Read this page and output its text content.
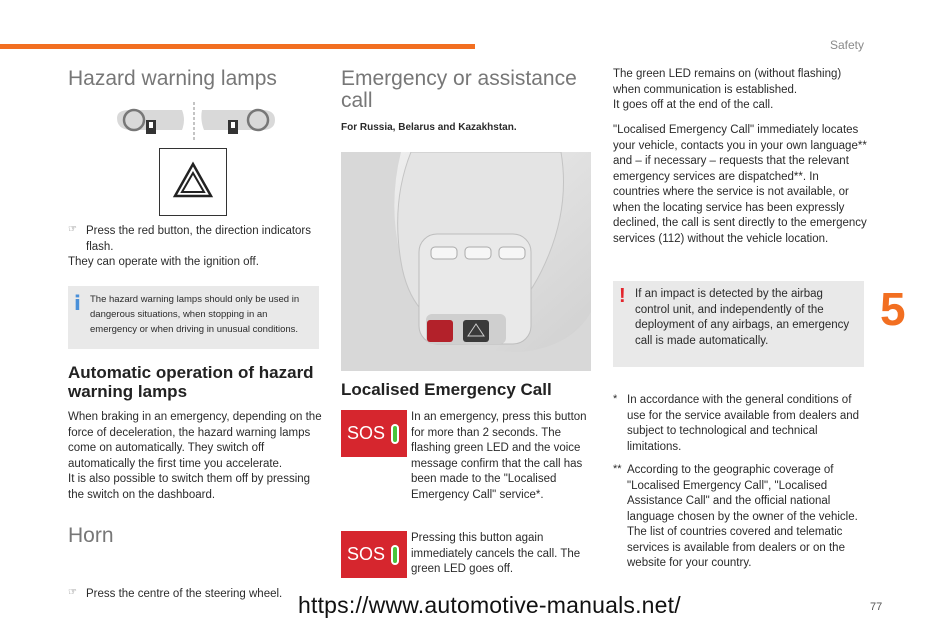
Safety
Hazard warning lamps
☞ Press the red button, the direction indicators flash.

They can operate with the ignition off.

i The hazard warning lamps should only be used in dangerous situations, when stopping in an emergency or when driving in unusual conditions.

Automatic operation of hazard warning lamps

When braking in an emergency, depending on the force of deceleration, the hazard warning lamps come on automatically. They switch off automatically the first time you accelerate.

It is also possible to switch them off by pressing the switch on the dashboard.

Horn
☞ Press the centre of the steering wheel.

Emergency or assistance call

For Russia, Belarus and Kazakhstan.

Localised Emergency Call
SOS

In an emergency, press this button for more than 2 seconds. The flashing green LED and the voice message confirm that the call has been made to the "Localised Emergency Call" service*.

SOS

Pressing this button again immediately cancels the call. The green LED goes off.

The green LED remains on (without flashing) when communication is established.

It goes off at the end of the call.

"Localised Emergency Call" immediately locates your vehicle, contacts you in your own language** and – if necessary – requests that the relevant emergency services are dispatched**. In countries where the service is not available, or when the locating service has been expressly declined, the call is sent directly to the emergency services (112) without the vehicle location.

! If an impact is detected by the airbag control unit, and independently of the deployment of any airbags, an emergency call is made automatically.

* In accordance with the general conditions of use for the service available from dealers and subject to technological and technical limitations.

** According to the geographic coverage of "Localised Emergency Call", "Localised Assistance Call" and the official national language chosen by the owner of the vehicle. The list of countries covered and telematic services is available from dealers or on the website for your country.

5
https://www.automotive-manuals.net/	77
